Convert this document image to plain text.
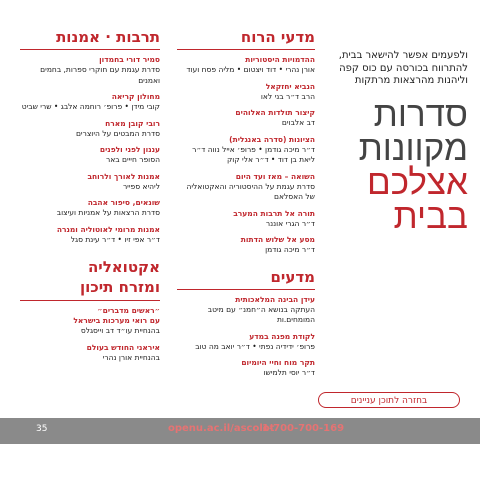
ולפעמים אפשר להישאר בבית, להתרווח בכורסה עם כוס קפה וליהנות מהרצאות מרתקות
סדרות
מקוונות
אצלכם
בבית
מדעי הרוח
ההדמויות היסטוריות
אורן נהרי • דוד ויצטום • מליה פסח ועוד
הנביא יחזקאל
הרב ד״ר בני לאו
קיצור תולדות האלוהים
דב אלבוים
הציונות (סדרה באנגלית)
ד״ר מיכה גודמן • פרופ׳ אייל נווה ד״ר ליאת בן דוד • ד״ר אלי קוק
השואה – מאז ועד היום
סדרת עגמת על ההיסטוריה והאקטואליה של האסלאם
תורה אל תרבות המערב
ד״ר הגרי אוננר
מסע אל שלוש הדתות
ד״ר מיכה גודמן
מדעים
עידן הבינה המלאכותית
העתקה בנושא ה״חמנ״ עם מיטב המומחים.ות
לקודת מפנה במדע
פרופ׳ ידידיה נפתי • ד״ר יואב מה טוב
תקר מוח וחיי היומיום
ד״ר יוסי תלמישו
תרבות · אמנות
סמיר דורי בחמדון
סדרת עגמת עם חוקרי ספרות, בחמים ואמנים
מחולון קריאה
קובי מידן • פרופ׳ רוחמה אלבג • שרי שביט
רובי קובן מארח
סדרת המבטים על היוצרים
עננון לפני ולפנים
הסופר חייים באר
אמנות לאורך ולרוחב
ליהיא ספייר
שונאים, סיפור אהבה
סדרת הרצאות על אמניות ועיצוב
אמנות מרומי לאוטוליה ומנרה
ד״ר אפי זיו • ד״ר עינת סגל
אקטואליה
ומזרח תיכון
״ראשים מדברים״
עם רואי מערכות בישראל
בהנחיית עו״ד דב וייסגלס
איראני החודש בעולם
בהנחיית אורן נהרי
בחזרה לתוכן עניינים
35	openu.ac.il/ascolot
1-700-700-169
